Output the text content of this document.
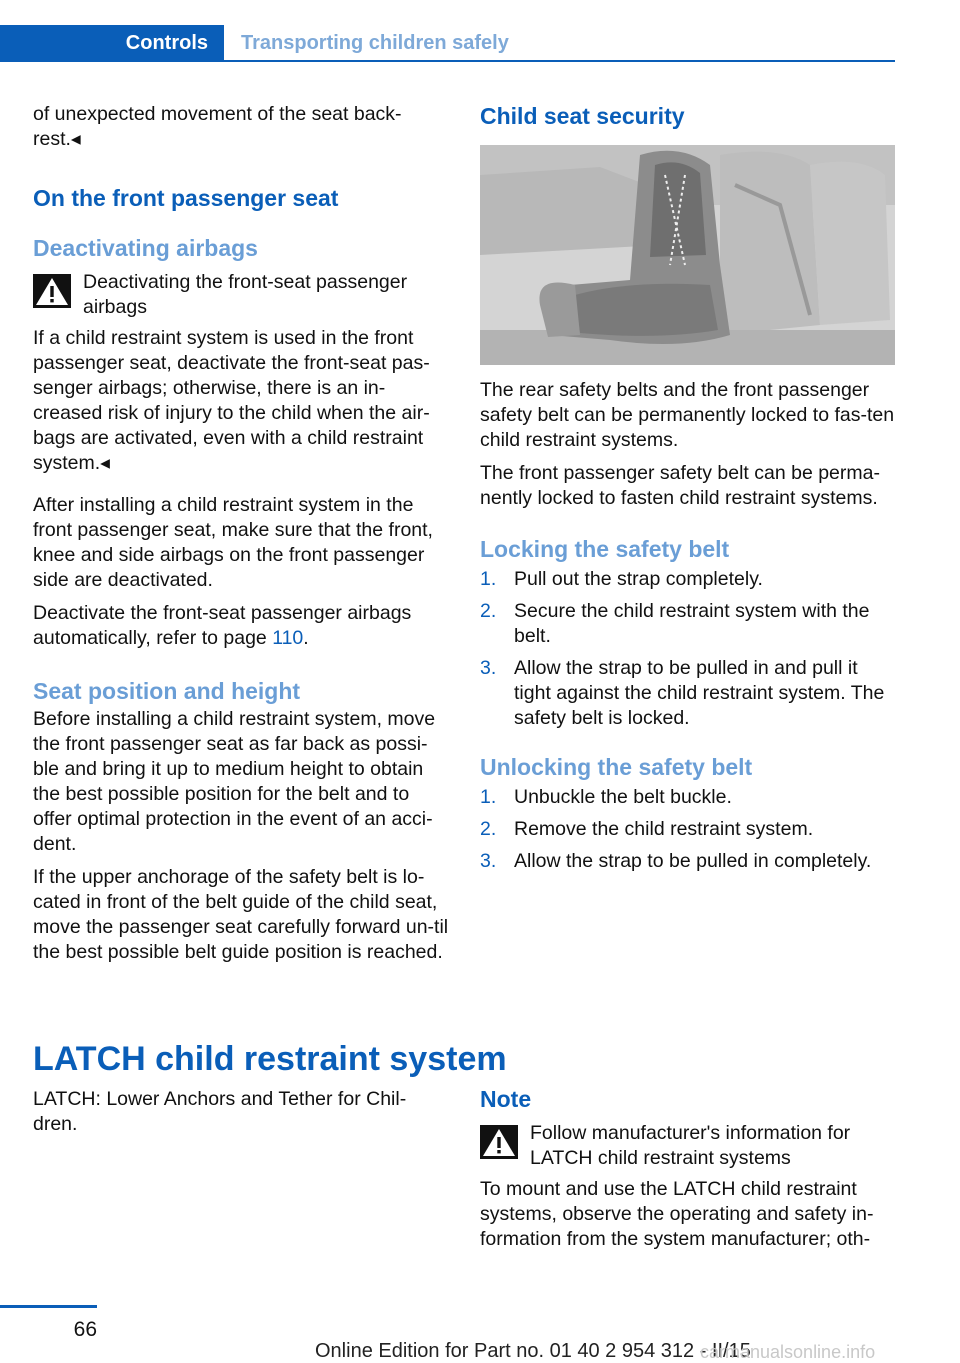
Controls	Transporting children safely

of unexpected movement of the seat back-rest.◂

On the front passenger seat
Deactivating airbags

Deactivating the front-seat passenger airbags

If a child restraint system is used in the front passenger seat, deactivate the front-seat pas-senger airbags; otherwise, there is an in-creased risk of injury to the child when the air-bags are activated, even with a child restraint system.◂

After installing a child restraint system in the front passenger seat, make sure that the front, knee and side airbags on the front passenger side are deactivated.

Deactivate the front-seat passenger airbags automatically, refer to page 110.

Seat position and height

Before installing a child restraint system, move the front passenger seat as far back as possi-ble and bring it up to medium height to obtain the best possible position for the belt and to offer optimal protection in the event of an acci-dent.

If the upper anchorage of the safety belt is lo-cated in front of the belt guide of the child seat, move the passenger seat carefully forward un-til the best possible belt guide position is reached.

Child seat security

The rear safety belts and the front passenger safety belt can be permanently locked to fas-ten child restraint systems.

The front passenger safety belt can be perma-nently locked to fasten child restraint systems.

Locking the safety belt
1. Pull out the strap completely.
2. Secure the child restraint system with the belt.
3. Allow the strap to be pulled in and pull it tight against the child restraint system. The safety belt is locked.
Unlocking the safety belt
1. Unbuckle the belt buckle.
2. Remove the child restraint system.
3. Allow the strap to be pulled in completely.
LATCH child restraint system

LATCH: Lower Anchors and Tether for Chil-dren.

Note

Follow manufacturer's information for LATCH child restraint systems

To mount and use the LATCH child restraint systems, observe the operating and safety in-formation from the system manufacturer; oth-

66
Online Edition for Part no. 01 40 2 954 312 - II/15
carmanualsonline.info
